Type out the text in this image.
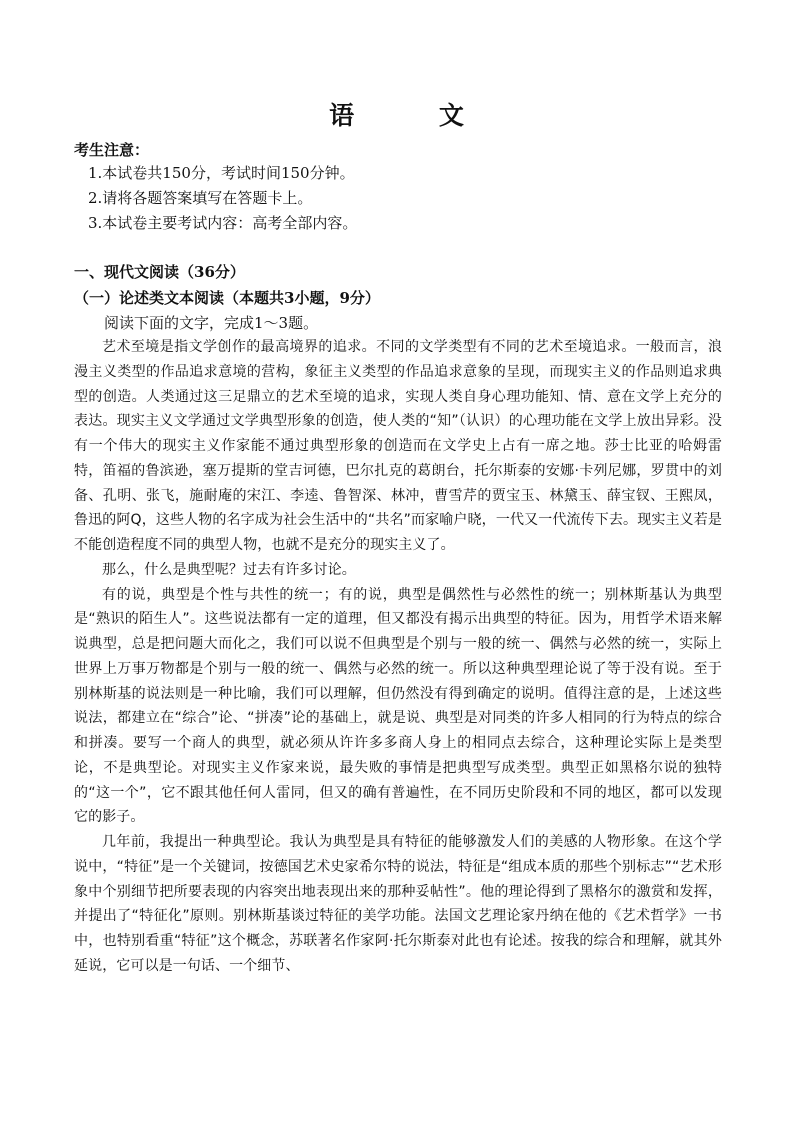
语 文
考生注意：
1.本试卷共150分，考试时间150分钟。
2.请将各题答案填写在答题卡上。
3.本试卷主要考试内容：高考全部内容。
一、现代文阅读（36分）
（一）论述类文本阅读（本题共3小题，9分）
阅读下面的文字，完成1～3题。

艺术至境是指文学创作的最高境界的追求。不同的文学类型有不同的艺术至境追求。一般而言，浪漫主义类型的作品追求意境的营构，象征主义类型的作品追求意象的呈现，而现实主义的作品则追求典型的创造。人类通过这三足鼎立的艺术至境的追求，实现人类自身心理功能知、情、意在文学上充分的表达。现实主义文学通过文学典型形象的创造，使人类的“知”（认识）的心理功能在文学上放出异彩。没有一个伟大的现实主义作家能不通过典型形象的创造而在文学史上占有一席之地。莎士比亚的哈姆雷特，笛福的鲁滨逊，塞万提斯的堂吉诃德，巴尔扎克的葛朗台，托尔斯泰的安娜·卡列尼娜，罗贯中的刘备、孔明、张飞，施耐庵的宋江、李逵、鲁智深、林冲，曹雪芹的贾宝玉、林黛玉、薛宝钗、王熙凤，鲁迅的阿Q，这些人物的名字成为社会生活中的“共名”而家喻户晓，一代又一代流传下去。现实主义若是不能创造程度不同的典型人物，也就不是充分的现实主义了。

那么，什么是典型呢？过去有许多讨论。

有的说，典型是个性与共性的统一；有的说，典型是偶然性与必然性的统一；别林斯基认为典型是“熟识的陌生人”。这些说法都有一定的道理，但又都没有揭示出典型的特征。因为，用哲学术语来解说典型，总是把问题大而化之，我们可以说不但典型是个别与一般的统一、偶然与必然的统一，实际上世界上万事万物都是个别与一般的统一、偶然与必然的统一。所以这种典型理论说了等于没有说。至于别林斯基的说法则是一种比喻，我们可以理解，但仍然没有得到确定的说明。值得注意的是，上述这些说法，都建立在“综合”论、“拼凑”论的基础上，就是说、典型是对同类的许多人相同的行为特点的综合和拼凑。要写一个商人的典型，就必须从许许多多商人身上的相同点去综合，这种理论实际上是类型论，不是典型论。对现实主义作家来说，最失败的事情是把典型写成类型。典型正如黑格尔说的独特的“这一个”，它不跟其他任何人雷同，但又的确有普遍性，在不同历史阶段和不同的地区，都可以发现它的影子。

几年前，我提出一种典型论。我认为典型是具有特征的能够激发人们的美感的人物形象。在这个学说中，“特征”是一个关键词，按德国艺术史家希尔特的说法，特征是“组成本质的那些个别标志”“艺术形象中个别细节把所要表现的内容突出地表现出来的那种妥帖性”。他的理论得到了黑格尔的激赏和发挥，并提出了“特征化”原则。别林斯基谈过特征的美学功能。法国文艺理论家丹纳在他的《艺术哲学》一书中，也特别看重“特征”这个概念，苏联著名作家阿·托尔斯泰对此也有论述。按我的综合和理解，就其外延说，它可以是一句话、一个细节、
